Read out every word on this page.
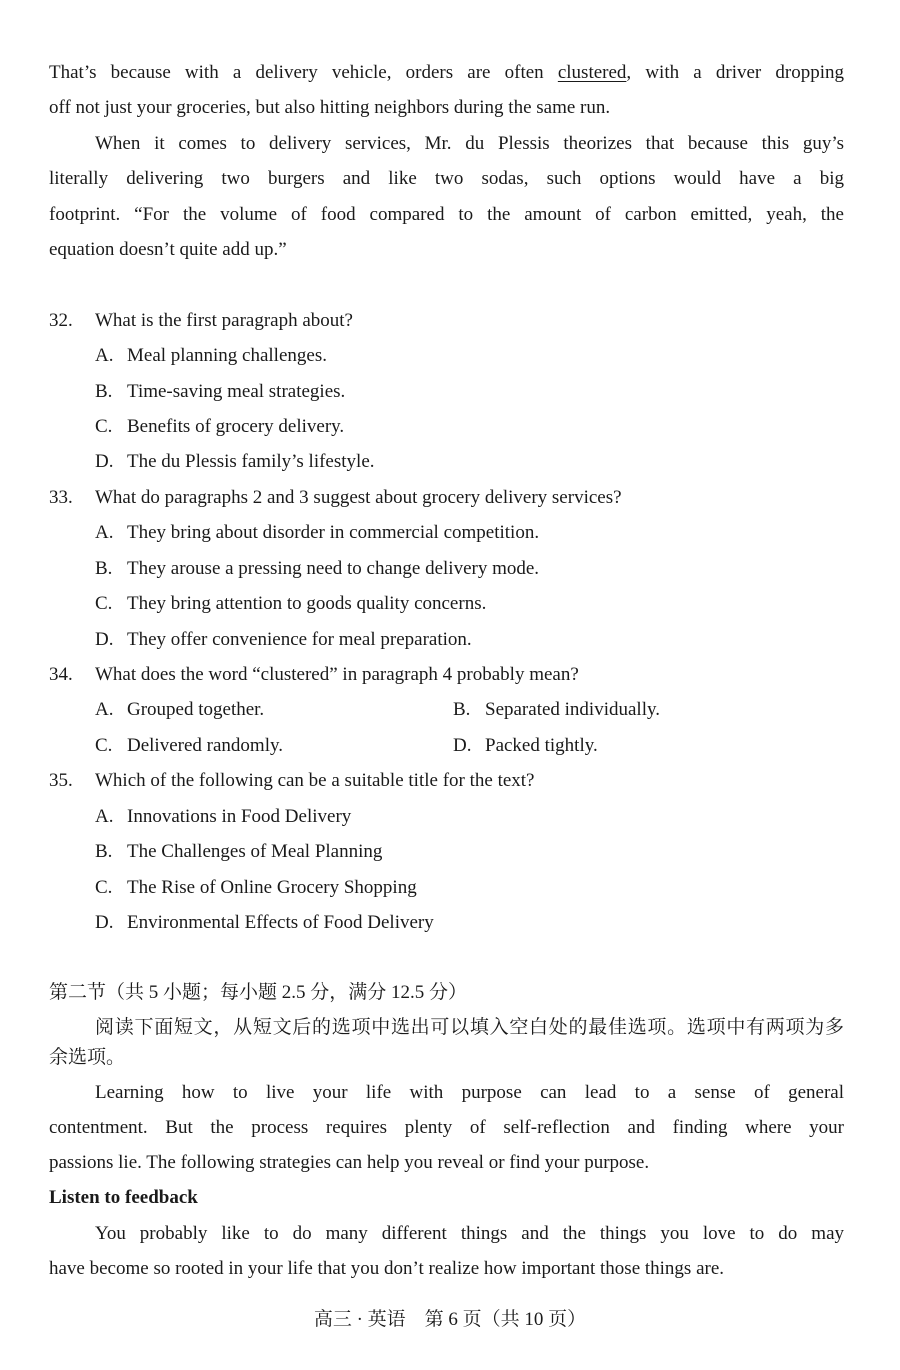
That’s because with a delivery vehicle, orders are often clustered, with a driver dropping
off not just your groceries, but also hitting neighbors during the same run.
When it comes to delivery services, Mr. du Plessis theorizes that because this guy’s
literally delivering two burgers and like two sodas, such options would have a big
footprint. “For the volume of food compared to the amount of carbon emitted, yeah, the
equation doesn’t quite add up.”
32. What is the first paragraph about?
A. Meal planning challenges.
B. Time-saving meal strategies.
C. Benefits of grocery delivery.
D. The du Plessis family’s lifestyle.
33. What do paragraphs 2 and 3 suggest about grocery delivery services?
A. They bring about disorder in commercial competition.
B. They arouse a pressing need to change delivery mode.
C. They bring attention to goods quality concerns.
D. They offer convenience for meal preparation.
34. What does the word “clustered” in paragraph 4 probably mean?
A. Grouped together.	B. Separated individually.
C. Delivered randomly.	D. Packed tightly.
35. Which of the following can be a suitable title for the text?
A. Innovations in Food Delivery
B. The Challenges of Meal Planning
C. The Rise of Online Grocery Shopping
D. Environmental Effects of Food Delivery
第二节（共 5 小题；每小题 2.5 分，满分 12.5 分）
阅读下面短文，从短文后的选项中选出可以填入空白处的最佳选项。选项中有两项为多
余选项。
Learning how to live your life with purpose can lead to a sense of general
contentment. But the process requires plenty of self-reflection and finding where your
passions lie. The following strategies can help you reveal or find your purpose.
Listen to feedback
You probably like to do many different things and the things you love to do may
have become so rooted in your life that you don’t realize how important those things are.
高三 · 英语　第 6 页（共 10 页）
